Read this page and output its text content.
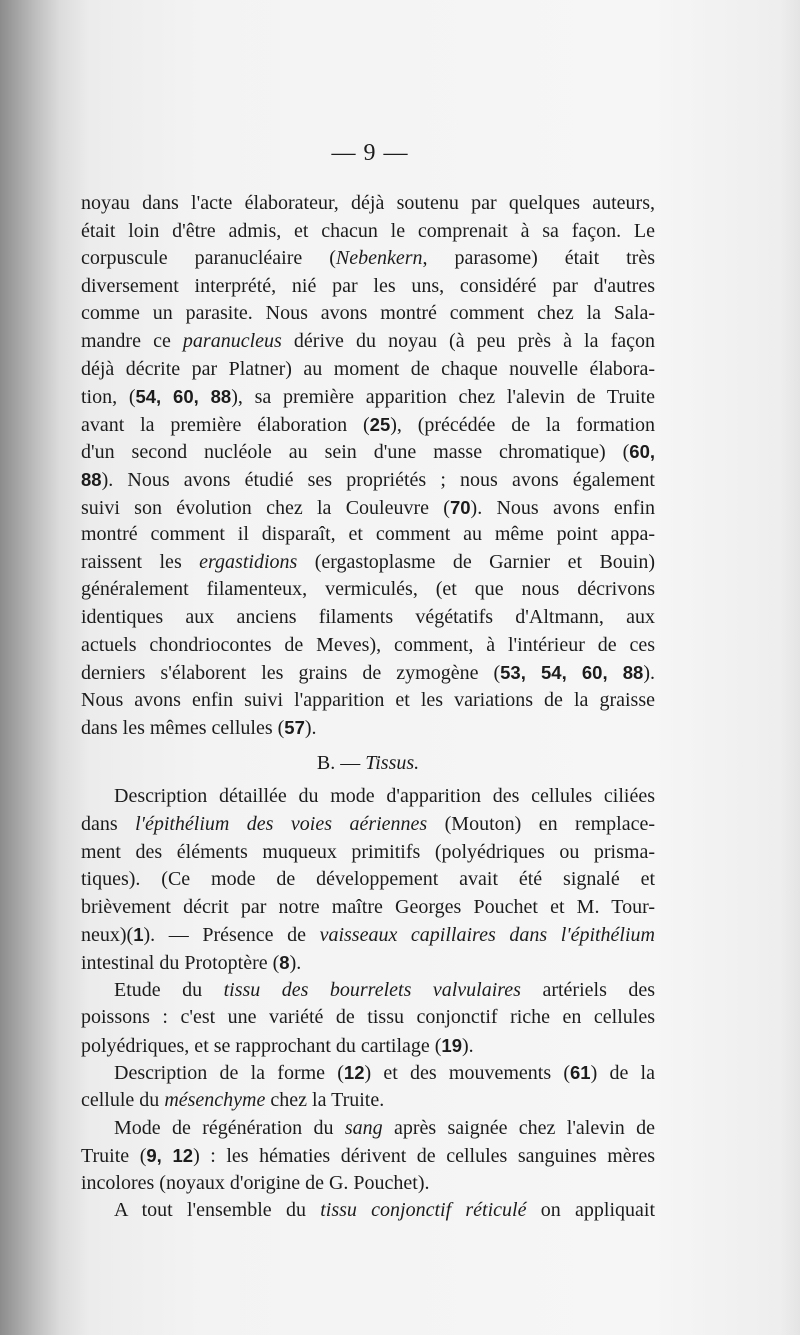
— 9 —
noyau dans l'acte élaborateur, déjà soutenu par quelques auteurs,
était loin d'être admis, et chacun le comprenait à sa façon. Le
corpuscule paranucléaire (Nebenkern, parasome) était très
diversement interprété, nié par les uns, considéré par d'autres
comme un parasite. Nous avons montré comment chez la Sala-
mandre ce paranucleus dérive du noyau (à peu près à la façon
déjà décrite par Platner) au moment de chaque nouvelle élabora-
tion, (54, 60, 88), sa première apparition chez l'alevin de Truite
avant la première élaboration (25), (précédée de la formation
d'un second nucléole au sein d'une masse chromatique) (60,
88). Nous avons étudié ses propriétés ; nous avons également
suivi son évolution chez la Couleuvre (70). Nous avons enfin
montré comment il disparaît, et comment au même point appa-
raissent les ergastidions (ergastoplasme de Garnier et Bouin)
généralement filamenteux, vermiculés, (et que nous décrivons
identiques aux anciens filaments végétatifs d'Altmann, aux
actuels chondriocontes de Meves), comment, à l'intérieur de ces
derniers s'élaborent les grains de zymogène (53, 54, 60, 88).
Nous avons enfin suivi l'apparition et les variations de la graisse
dans les mêmes cellules (57).
B. — Tissus.
Description détaillée du mode d'apparition des cellules ciliées
dans l'épithélium des voies aériennes (Mouton) en remplace-
ment des éléments muqueux primitifs (polyédriques ou prisma-
tiques). (Ce mode de développement avait été signalé et
brièvement décrit par notre maître Georges Pouchet et M. Tour-
neux)(1). — Présence de vaisseaux capillaires dans l'épithélium
intestinal du Protoptère (8).
Etude du tissu des bourrelets valvulaires artériels des
poissons : c'est une variété de tissu conjonctif riche en cellules
polyédriques, et se rapprochant du cartilage (19).
Description de la forme (12) et des mouvements (61) de la
cellule du mésenchyme chez la Truite.
Mode de régénération du sang après saignée chez l'alevin de
Truite (9, 12) : les hématies dérivent de cellules sanguines mères
incolores (noyaux d'origine de G. Pouchet).
A tout l'ensemble du tissu conjonctif réticulé on appliquait
